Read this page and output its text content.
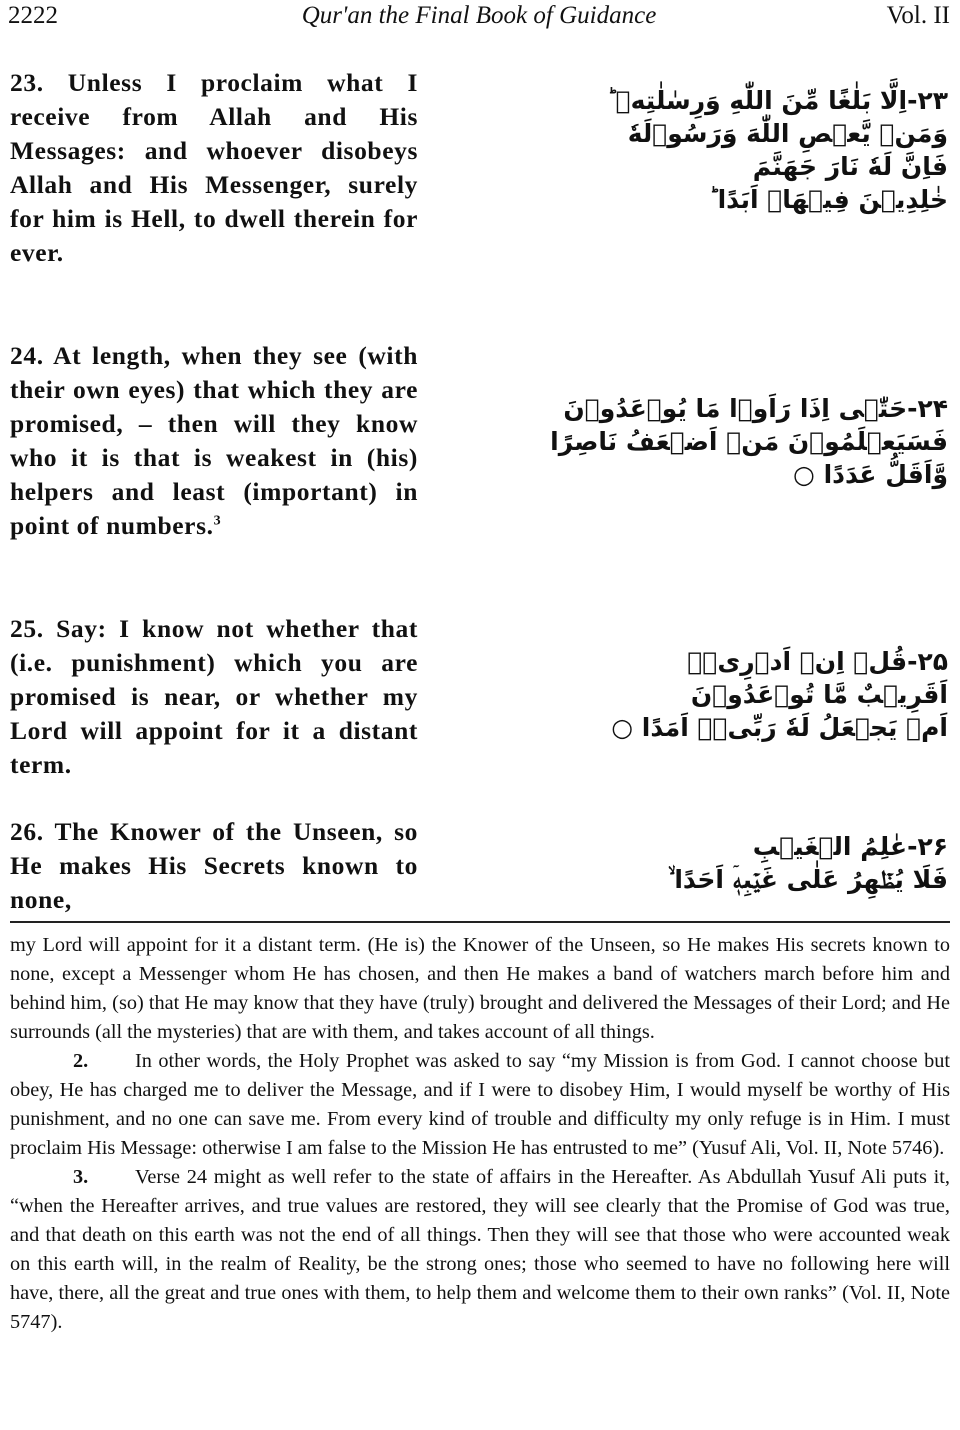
2222	Qur'an the Final Book of Guidance	Vol. II
23. Unless I proclaim what I receive from Allah and His Messages: and whoever disobeys Allah and His Messenger, surely for him is Hell, to dwell therein for ever.
۲۳-اِلَّا بَلٰغًا مِّنَ اللّٰهِ وَرِسٰلٰتِهٖ ؕ
وَمَنۡ يَّعۡصِ اللّٰهَ وَرَسُوۡلَهٗ
فَاِنَّ لَهٗ نَارَ جَهَنَّمَ
خٰلِدِيۡنَ فِيۡهَاۤ اَبَدًا ؕ
24. At length, when they see (with their own eyes) that which they are promised, – then will they know who it is that is weakest in (his) helpers and least (important) in point of numbers.$^3$
۲۴-حَتّٰۤى اِذَا رَاَوۡا مَا يُوۡعَدُوۡنَ
فَسَيَعۡلَمُوۡنَ مَنۡ اَضۡعَفُ نَاصِرًا
وَّاَقَلُّ عَدَدًا ○
25. Say: I know not whether that (i.e. punishment) which you are promised is near, or whether my Lord will appoint for it a distant term.
۲۵-قُلۡ اِنۡ اَدۡرِىۡۤ
اَقَرِيۡبٌ مَّا تُوۡعَدُوۡنَ
اَمۡ يَجۡعَلُ لَهٗ رَبِّىۡۤ اَمَدًا ○
26. The Knower of the Unseen, so He makes His Secrets known to none,
۲۶-عٰلِمُ الۡغَيۡبِ
فَلَا يُظۡهِرُ عَلٰى غَيۡبِهٖۤ اَحَدًا ۙ

my Lord will appoint for it a distant term. (He is) the Knower of the Unseen, so He makes His secrets known to none, except a Messenger whom He has chosen, and then He makes a band of watchers march before him and behind him, (so) that He may know that they have (truly) brought and delivered the Messages of their Lord; and He surrounds (all the mysteries) that are with them, and takes account of all things.

2. In other words, the Holy Prophet was asked to say “my Mission is from God. I cannot choose but obey, He has charged me to deliver the Message, and if I were to disobey Him, I would myself be worthy of His punishment, and no one can save me. From every kind of trouble and difficulty my only refuge is in Him. I must proclaim His Message: otherwise I am false to the Mission He has entrusted to me” (Yusuf Ali, Vol. II, Note 5746).

3. Verse 24 might as well refer to the state of affairs in the Hereafter. As Abdullah Yusuf Ali puts it, “when the Hereafter arrives, and true values are restored, they will see clearly that the Promise of God was true, and that death on this earth was not the end of all things. Then they will see that those who were accounted weak on this earth will, in the realm of Reality, be the strong ones; those who seemed to have no following here will have, there, all the great and true ones with them, to help them and welcome them to their own ranks” (Vol. II, Note 5747).
